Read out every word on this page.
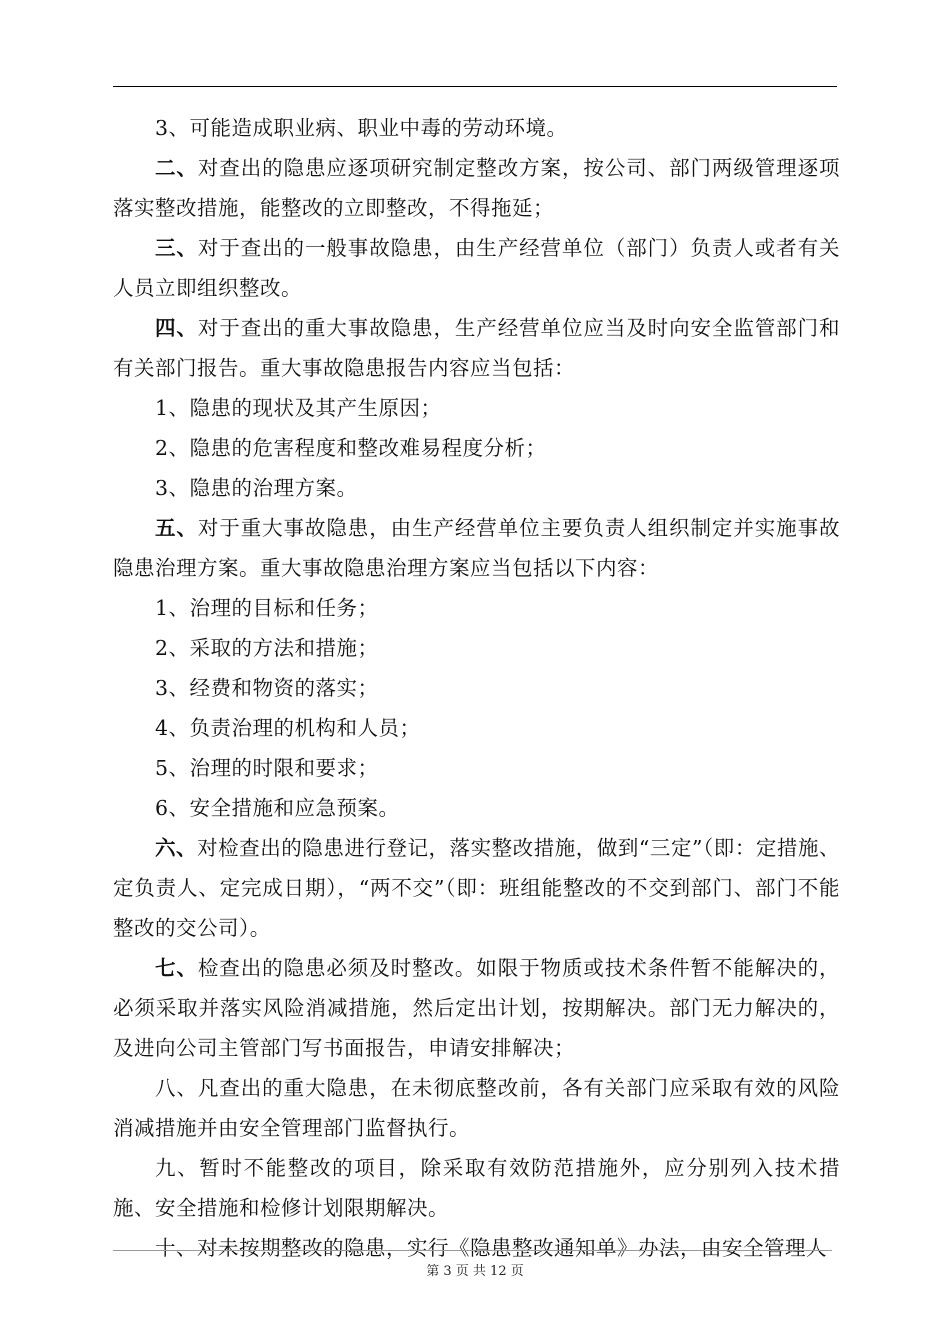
3、可能造成职业病、职业中毒的劳动环境。

二、对查出的隐患应逐项研究制定整改方案，按公司、部门两级管理逐项落实整改措施，能整改的立即整改，不得拖延；

三、对于查出的一般事故隐患，由生产经营单位（部门）负责人或者有关人员立即组织整改。

四、对于查出的重大事故隐患，生产经营单位应当及时向安全监管部门和有关部门报告。重大事故隐患报告内容应当包括：

1、隐患的现状及其产生原因；

2、隐患的危害程度和整改难易程度分析；

3、隐患的治理方案。

五、对于重大事故隐患，由生产经营单位主要负责人组织制定并实施事故隐患治理方案。重大事故隐患治理方案应当包括以下内容：

1、治理的目标和任务；

2、采取的方法和措施；

3、经费和物资的落实；

4、负责治理的机构和人员；

5、治理的时限和要求；

6、安全措施和应急预案。

六、对检查出的隐患进行登记，落实整改措施，做到“三定”（即：定措施、定负责人、定完成日期），“两不交”（即：班组能整改的不交到部门、部门不能整改的交公司）。

七、检查出的隐患必须及时整改。如限于物质或技术条件暂不能解决的，必须采取并落实风险消减措施，然后定出计划，按期解决。部门无力解决的，及进向公司主管部门写书面报告，申请安排解决；

八、凡查出的重大隐患，在未彻底整改前，各有关部门应采取有效的风险消减措施并由安全管理部门监督执行。

九、暂时不能整改的项目，除采取有效防范措施外，应分别列入技术措施、安全措施和检修计划限期解决。

十、对未按期整改的隐患，实行《隐患整改通知单》办法，由安全管理人

第 3 页 共 12 页
